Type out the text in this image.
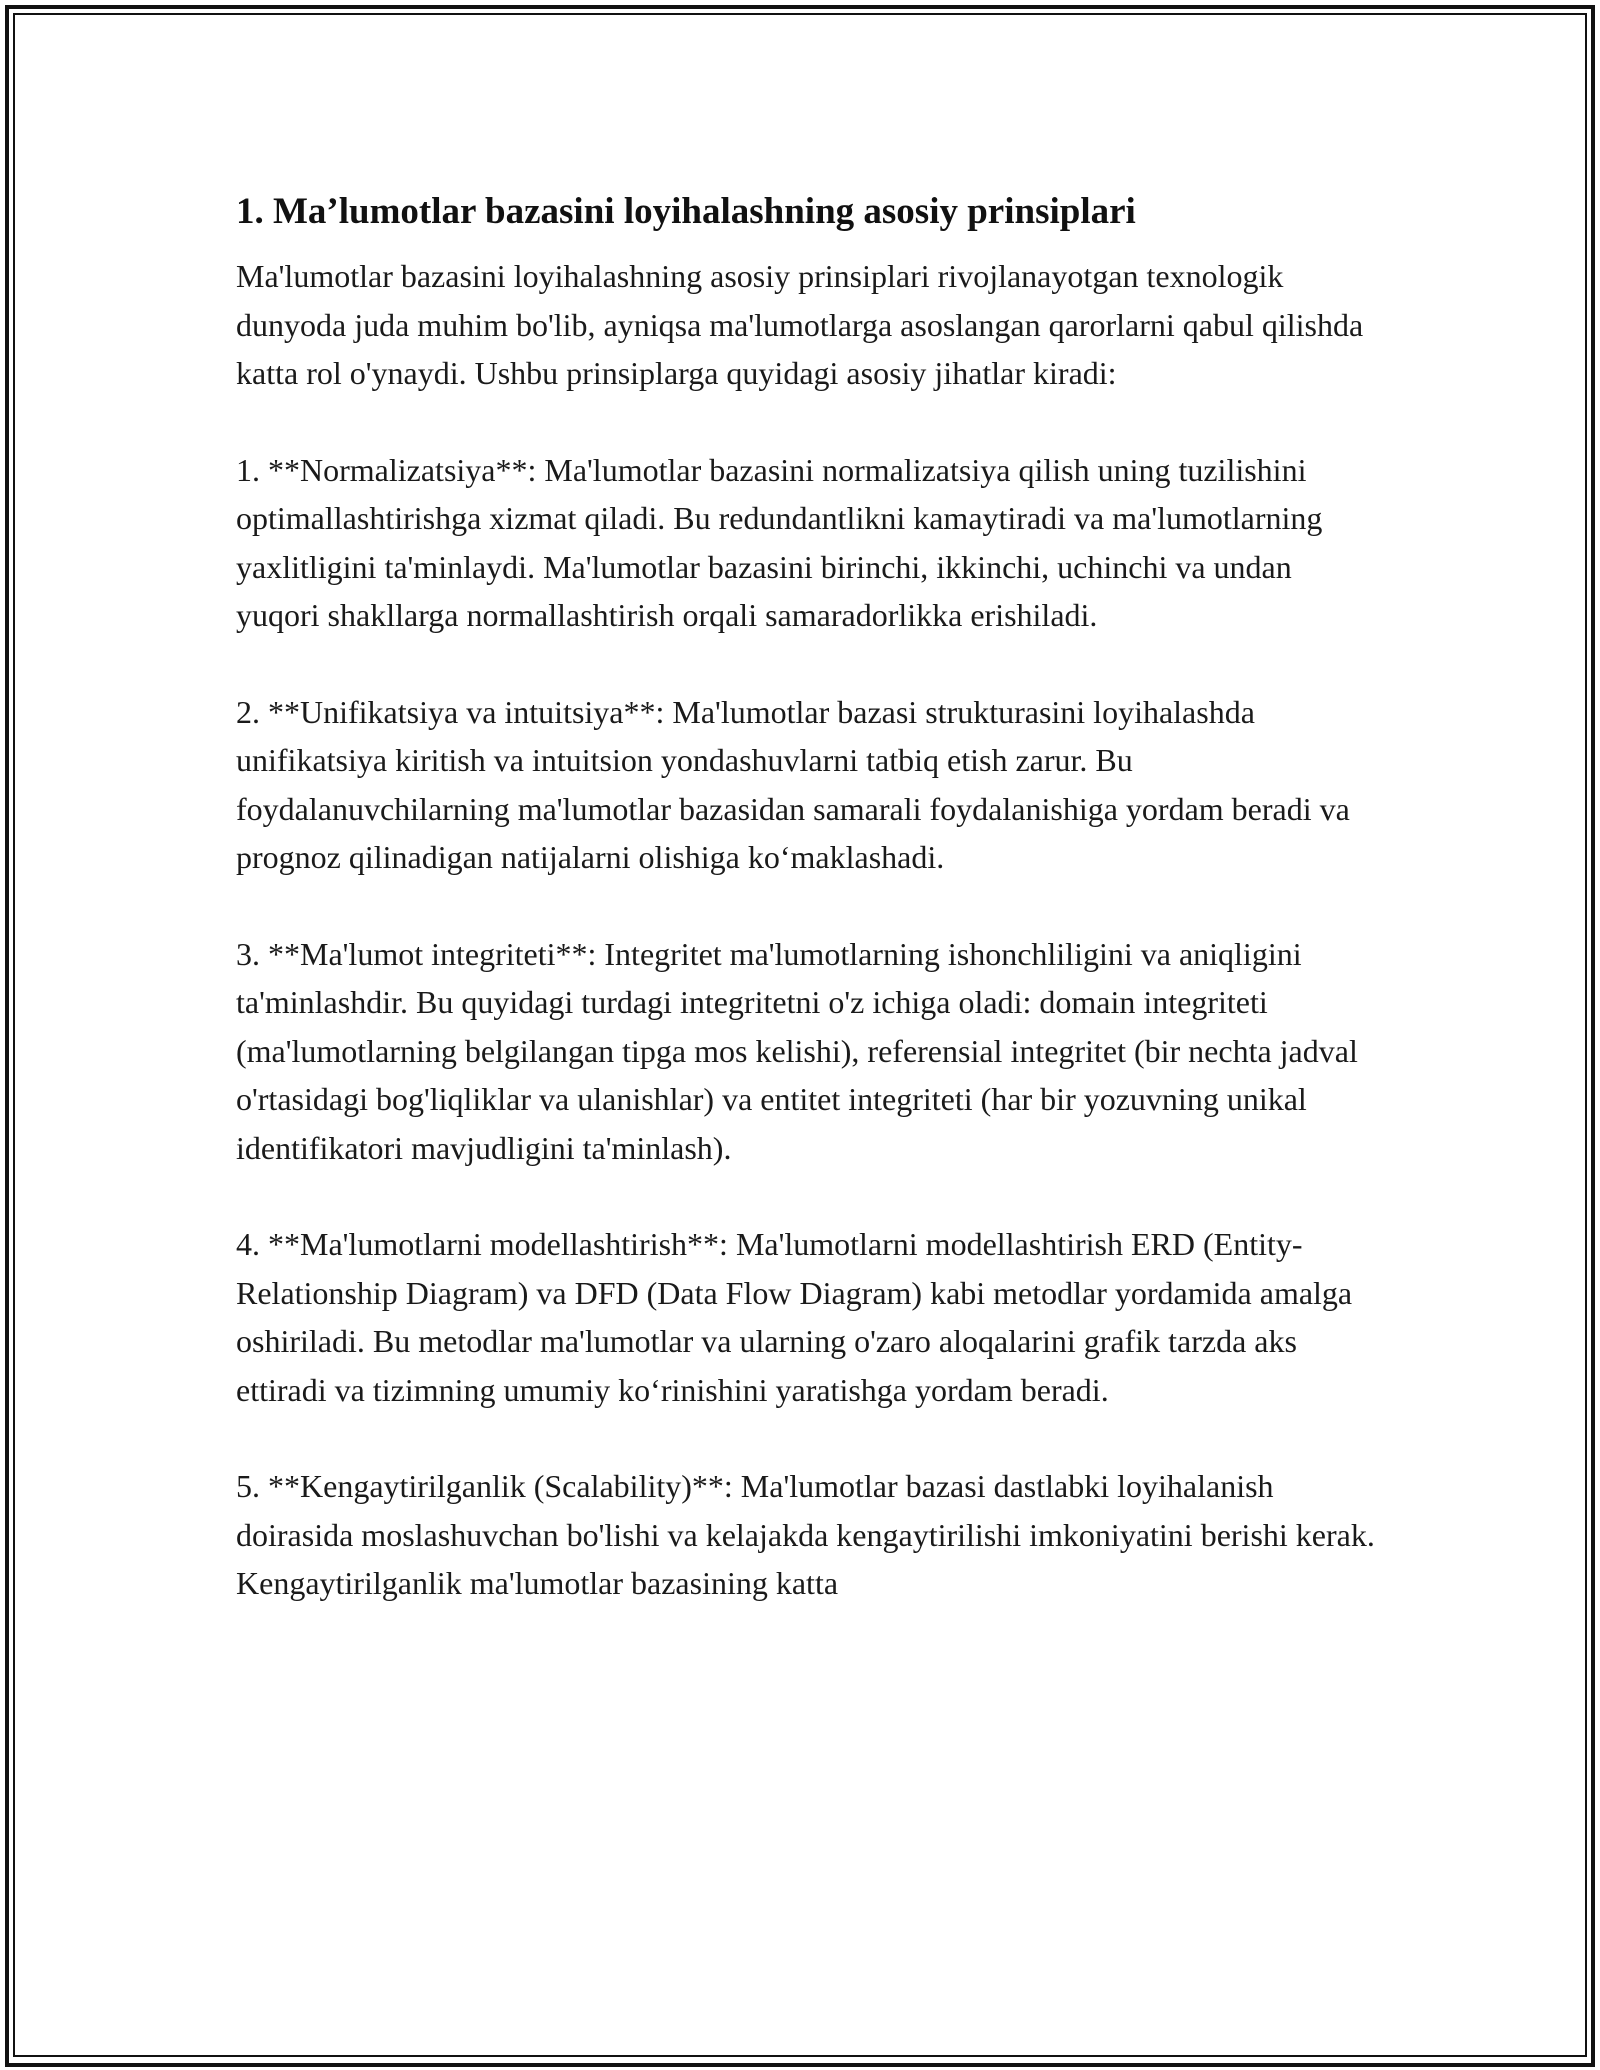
1. Ma’lumotlar bazasini loyihalashning asosiy prinsiplari

Ma'lumotlar bazasini loyihalashning asosiy prinsiplari rivojlanayotgan texnologik dunyoda juda muhim bo'lib, ayniqsa ma'lumotlarga asoslangan qarorlarni qabul qilishda katta rol o'ynaydi. Ushbu prinsiplarga quyidagi asosiy jihatlar kiradi:

1. **Normalizatsiya**: Ma'lumotlar bazasini normalizatsiya qilish uning tuzilishini optimallashtirishga xizmat qiladi. Bu redundantlikni kamaytiradi va ma'lumotlarning yaxlitligini ta'minlaydi. Ma'lumotlar bazasini birinchi, ikkinchi, uchinchi va undan yuqori shakllarga normallashtirish orqali samaradorlikka erishiladi.

2. **Unifikatsiya va intuitsiya**: Ma'lumotlar bazasi strukturasini loyihalashda unifikatsiya kiritish va intuitsion yondashuvlarni tatbiq etish zarur. Bu foydalanuvchilarning ma'lumotlar bazasidan samarali foydalanishiga yordam beradi va prognoz qilinadigan natijalarni olishiga ko‘maklashadi.

3. **Ma'lumot integriteti**: Integritet ma'lumotlarning ishonchliligini va aniqligini ta'minlashdir. Bu quyidagi turdagi integritetni o'z ichiga oladi: domain integriteti (ma'lumotlarning belgilangan tipga mos kelishi), referensial integritet (bir nechta jadval o'rtasidagi bog'liqliklar va ulanishlar) va entitet integriteti (har bir yozuvning unikal identifikatori mavjudligini ta'minlash).

4. **Ma'lumotlarni modellashtirish**: Ma'lumotlarni modellashtirish ERD (Entity-Relationship Diagram) va DFD (Data Flow Diagram) kabi metodlar yordamida amalga oshiriladi. Bu metodlar ma'lumotlar va ularning o'zaro aloqalarini grafik tarzda aks ettiradi va tizimning umumiy ko‘rinishini yaratishga yordam beradi.

5. **Kengaytirilganlik (Scalability)**: Ma'lumotlar bazasi dastlabki loyihalanish doirasida moslashuvchan bo'lishi va kelajakda kengaytirilishi imkoniyatini berishi kerak. Kengaytirilganlik ma'lumotlar bazasining katta
